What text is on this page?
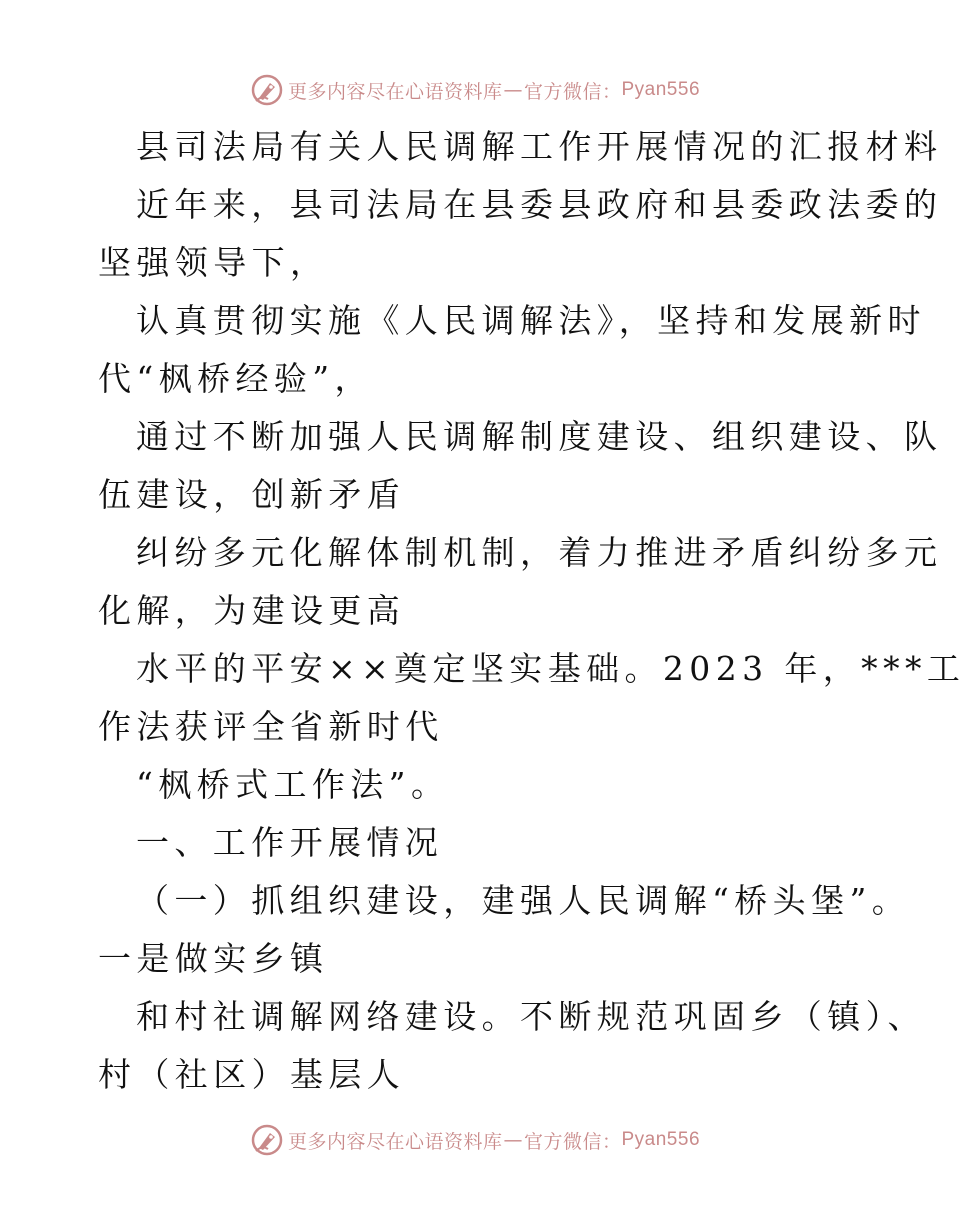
更多内容尽在心语资料库 — 官方微信： Pyan556
县司法局有关人民调解工作开展情况的汇报材料
近年来，县司法局在县委县政府和县委政法委的
坚强领导下，
认真贯彻实施《人民调解法》，坚持和发展新时
代“枫桥经验”，
通过不断加强人民调解制度建设、组织建设、队
伍建设，创新矛盾
纠纷多元化解体制机制，着力推进矛盾纠纷多元
化解，为建设更高
水平的平安××奠定坚实基础。2023 年，***工
作法获评全省新时代
“枫桥式工作法”。
一、工作开展情况
（一）抓组织建设，建强人民调解“桥头堡”。
一是做实乡镇
和村社调解网络建设。不断规范巩固乡（镇）、
村（社区）基层人
更多内容尽在心语资料库 — 官方微信： Pyan556
